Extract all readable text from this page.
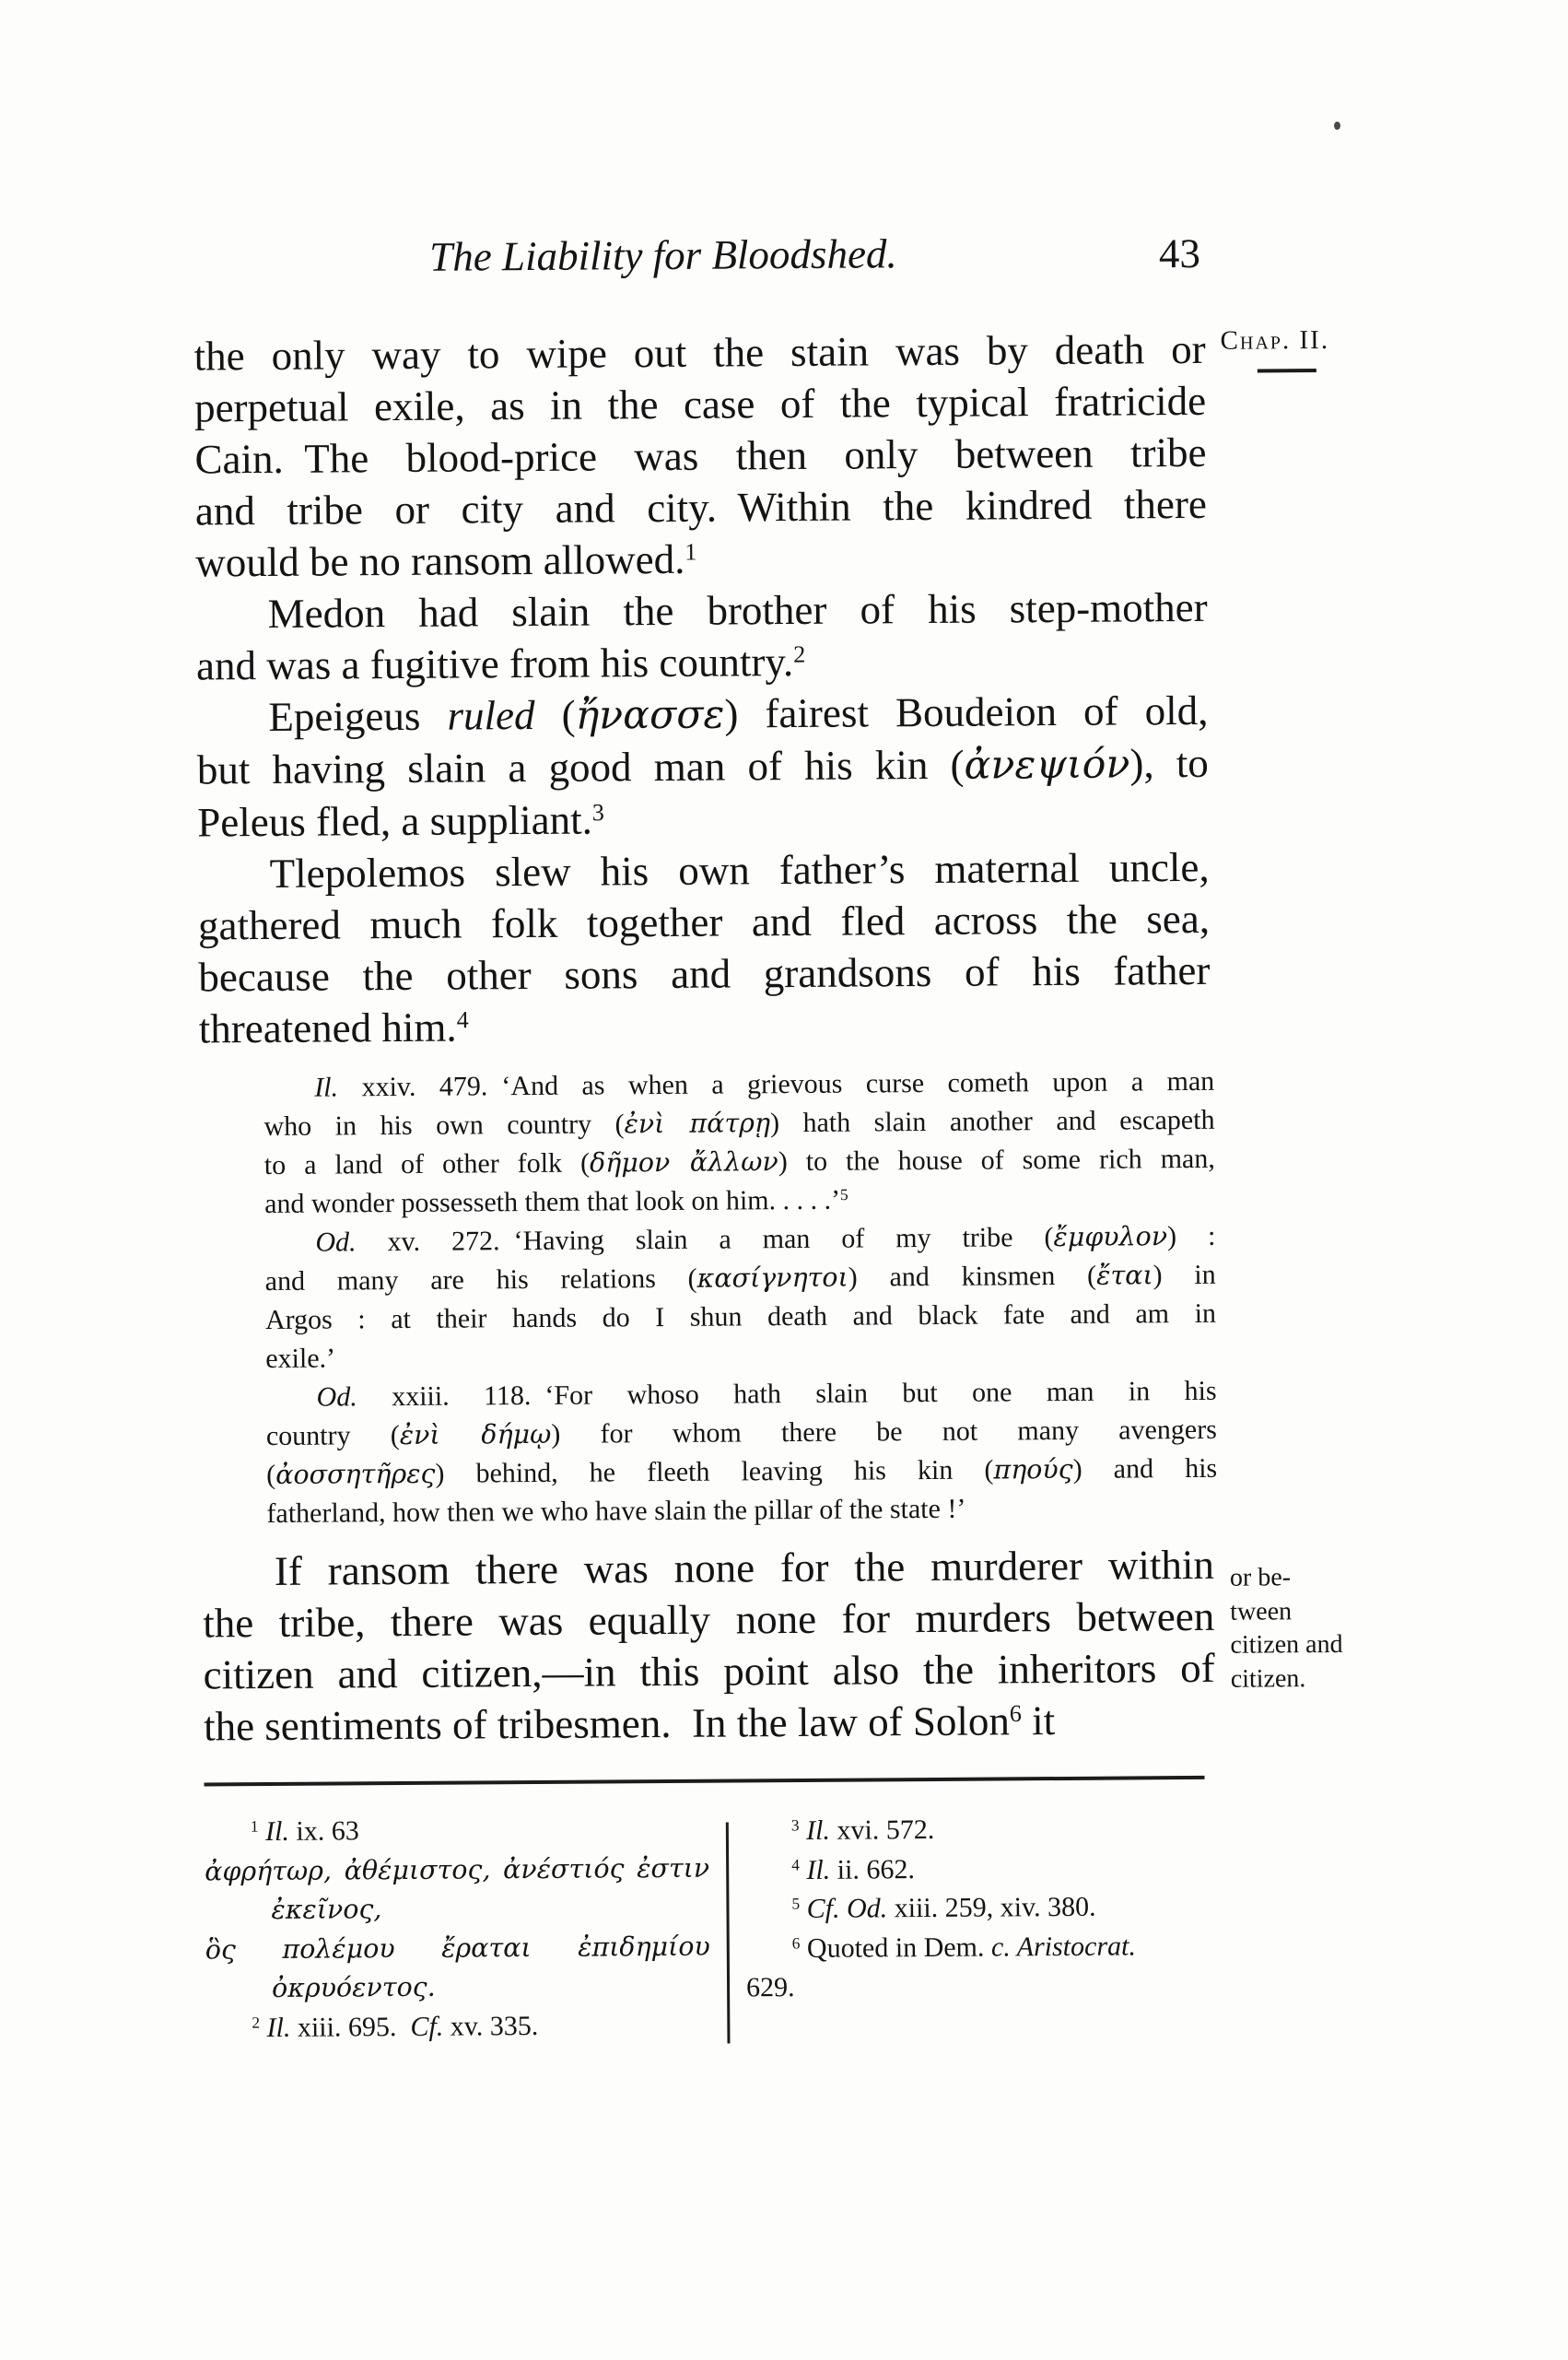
The Liability for Bloodshed.	43
Chap. II.
the only way to wipe out the stain was by death or
perpetual exile, as in the case of the typical fratricide
Cain. The blood-price was then only between tribe
and tribe or city and city. Within the kindred there
would be no ransom allowed.$^1$
Medon had slain the brother of his step-mother
and was a fugitive from his country.$^2$
Epeigeus ruled (ἤνασσε) fairest Boudeion of old,
but having slain a good man of his kin (ἀνεψιόν), to
Peleus fled, a suppliant.$^3$
Tlepolemos slew his own father’s maternal uncle,
gathered much folk together and fled across the sea,
because the other sons and grandsons of his father
threatened him.$^4$
Il. xxiv. 479. ‘And as when a grievous curse cometh upon a man
who in his own country (ἐνὶ πάτρῃ) hath slain another and escapeth
to a land of other folk (δῆμον ἄλλων) to the house of some rich man,
and wonder possesseth them that look on him. . . . .’$^5$
Od. xv. 272. ‘Having slain a man of my tribe (ἔμφυλον) :
and many are his relations (κασίγνητοι) and kinsmen (ἔται) in
Argos : at their hands do I shun death and black fate and am in
exile.’
Od. xxiii. 118. ‘For whoso hath slain but one man in his
country (ἐνὶ δήμῳ) for whom there be not many avengers
(ἀοσσητῆρες) behind, he fleeth leaving his kin (πηούς) and his
fatherland, how then we who have slain the pillar of the state !’
If ransom there was none for the murderer within
the tribe, there was equally none for murders between
citizen and citizen,—in this point also the inheritors of
the sentiments of tribesmen. In the law of Solon$^6$ it
or be-
tween
citizen and
citizen.
$^1$ Il. ix. 63
ἀφρήτωρ, ἀθέμιστος, ἀνέστιός ἐστιν
ἐκεῖνος,
ὃς πολέμου ἔραται ἐπιδημίου
ὀκρυόεντος.
$^2$ Il. xiii. 695. Cf. xv. 335.
$^3$ Il. xvi. 572.
$^4$ Il. ii. 662.
$^5$ Cf. Od. xiii. 259, xiv. 380.
$^6$ Quoted in Dem. c. Aristocrat.
629.
